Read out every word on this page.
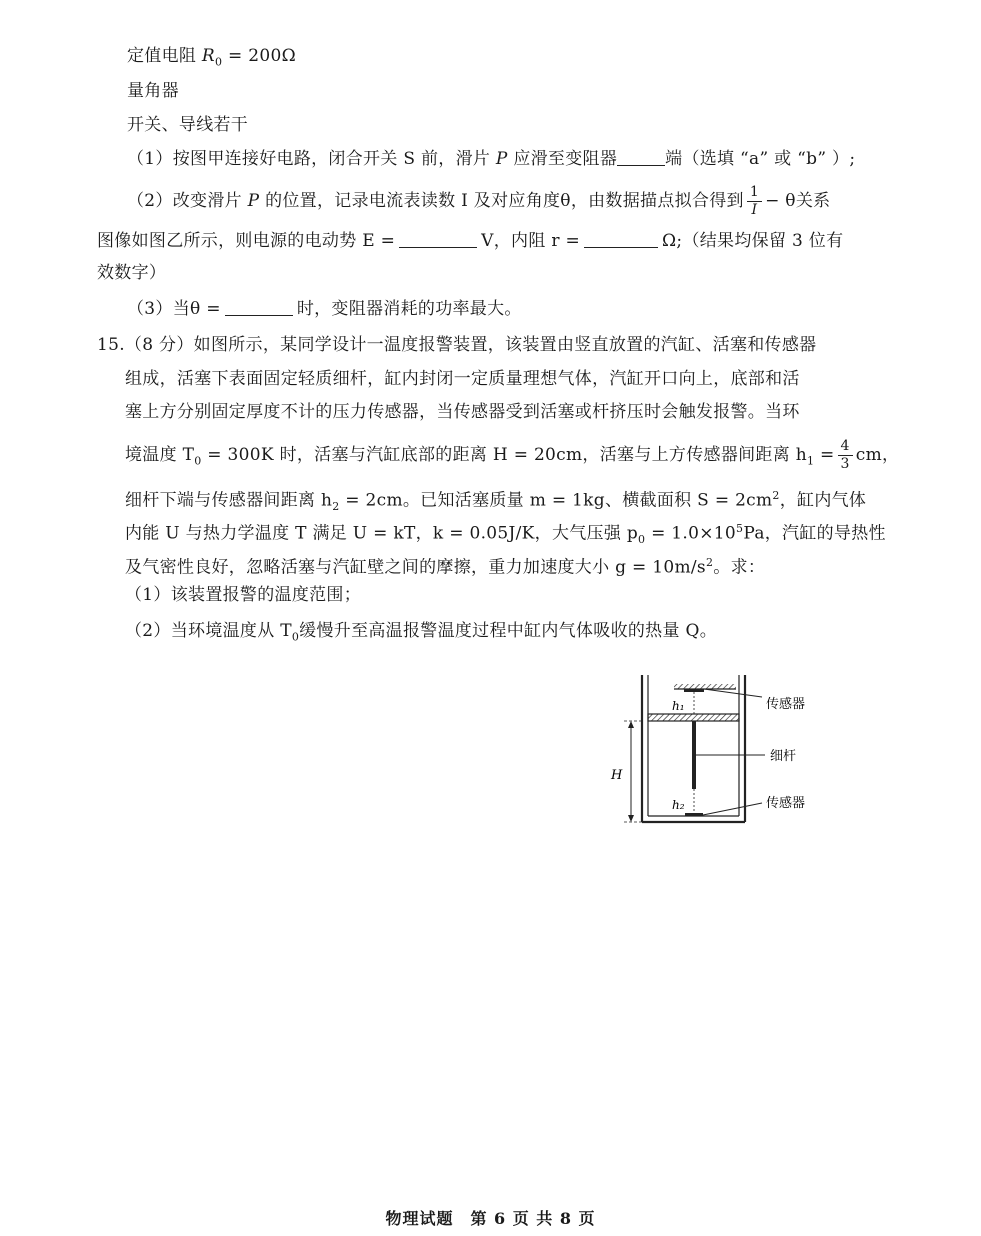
定值电阻 $R_0 = 200\Omega$
量角器
开关、导线若干
（1）按图甲连接好电路，闭合开关 S 前，滑片 P 应滑至变阻器	端（选填 “a” 或 “b” ）;
（2）改变滑片 P 的位置，记录电流表读数 I 及对应角度θ，由数据描点拟合得到 $\frac{1}{I} - \theta$关系
图像如图乙所示，则电源的电动势 E =	V，内阻 r =	Ω;（结果均保留 3 位有
效数字）
（3）当θ =	时，变阻器消耗的功率最大。
15.（8 分）如图所示，某同学设计一温度报警装置，该装置由竖直放置的汽缸、活塞和传感器
组成，活塞下表面固定轻质细杆，缸内封闭一定质量理想气体，汽缸开口向上，底部和活
塞上方分别固定厚度不计的压力传感器，当传感器受到活塞或杆挤压时会触发报警。当环
境温度 $T_0 = 300K$ 时，活塞与汽缸底部的距离 H = 20cm，活塞与上方传感器间距离 $h_1 = \frac{4}{3}$ cm，
细杆下端与传感器间距离 $h_2 = 2cm$。已知活塞质量 m = 1kg、横截面积 $S = 2cm^2$，缸内气体
内能 U 与热力学温度 T 满足 U = kT，k = 0.05J/K，大气压强 $p_0 = 1.0\times 10^5Pa$，汽缸的导热性
及气密性良好，忽略活塞与汽缸壁之间的摩擦，重力加速度大小 $g = 10m/s^2$。求：
（1）该装置报警的温度范围；
（2）当环境温度从 $T_0$缓慢升至高温报警温度过程中缸内气体吸收的热量 Q。
h₁
h₂
H
传感器
细杆
传感器
物理试题　第 6 页 共 8 页
